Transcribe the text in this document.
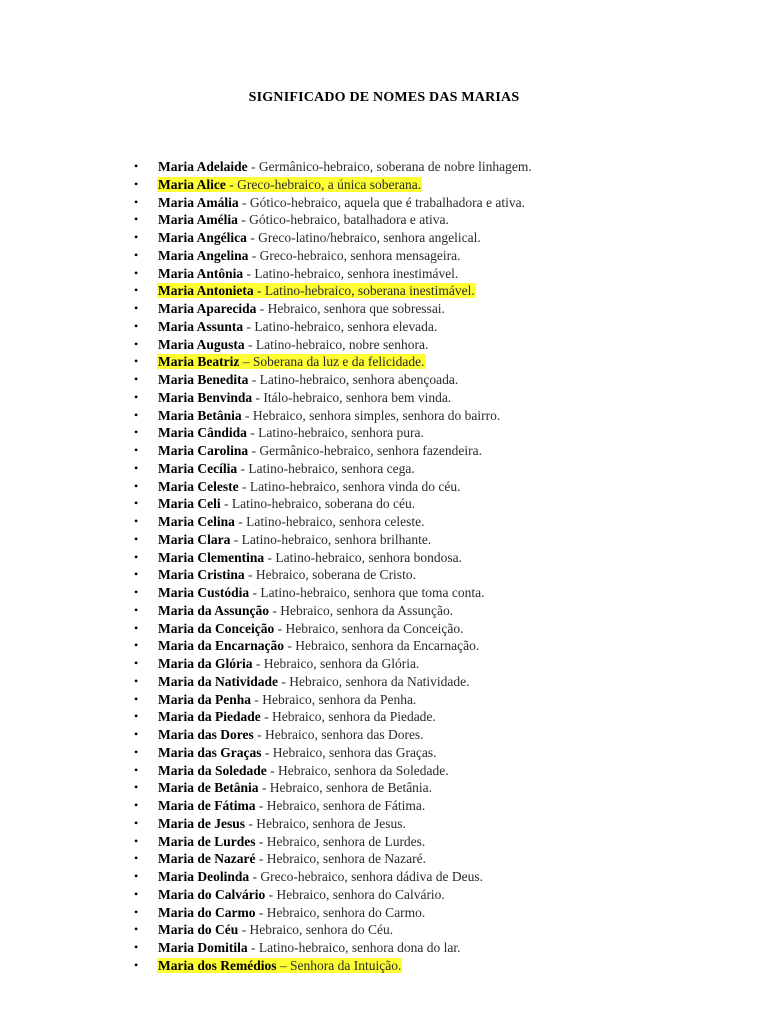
SIGNIFICADO DE NOMES DAS MARIAS
• Maria Adelaide - Germânico-hebraico, soberana de nobre linhagem.
• Maria Alice - Greco-hebraico, a única soberana.
• Maria Amália - Gótico-hebraico, aquela que é trabalhadora e ativa.
• Maria Amélia - Gótico-hebraico, batalhadora e ativa.
• Maria Angélica - Greco-latino/hebraico, senhora angelical.
• Maria Angelina - Greco-hebraico, senhora mensageira.
• Maria Antônia - Latino-hebraico, senhora inestimável.
• Maria Antonieta - Latino-hebraico, soberana inestimável.
• Maria Aparecida - Hebraico, senhora que sobressai.
• Maria Assunta - Latino-hebraico, senhora elevada.
• Maria Augusta - Latino-hebraico, nobre senhora.
• Maria Beatriz – Soberana da luz e da felicidade.
• Maria Benedita - Latino-hebraico, senhora abençoada.
• Maria Benvinda - Itálo-hebraico, senhora bem vinda.
• Maria Betânia - Hebraico, senhora simples, senhora do bairro.
• Maria Cândida - Latino-hebraico, senhora pura.
• Maria Carolina - Germânico-hebraico, senhora fazendeira.
• Maria Cecília - Latino-hebraico, senhora cega.
• Maria Celeste - Latino-hebraico, senhora vinda do céu.
• Maria Celi - Latino-hebraico, soberana do céu.
• Maria Celina - Latino-hebraico, senhora celeste.
• Maria Clara - Latino-hebraico, senhora brilhante.
• Maria Clementina - Latino-hebraico, senhora bondosa.
• Maria Cristina - Hebraico, soberana de Cristo.
• Maria Custódia - Latino-hebraico, senhora que toma conta.
• Maria da Assunção - Hebraico, senhora da Assunção.
• Maria da Conceição - Hebraico, senhora da Conceição.
• Maria da Encarnação - Hebraico, senhora da Encarnação.
• Maria da Glória - Hebraico, senhora da Glória.
• Maria da Natividade - Hebraico, senhora da Natividade.
• Maria da Penha - Hebraico, senhora da Penha.
• Maria da Piedade - Hebraico, senhora da Piedade.
• Maria das Dores - Hebraico, senhora das Dores.
• Maria das Graças - Hebraico, senhora das Graças.
• Maria da Soledade - Hebraico, senhora da Soledade.
• Maria de Betânia - Hebraico, senhora de Betânia.
• Maria de Fátima - Hebraico, senhora de Fátima.
• Maria de Jesus - Hebraico, senhora de Jesus.
• Maria de Lurdes - Hebraico, senhora de Lurdes.
• Maria de Nazaré - Hebraico, senhora de Nazaré.
• Maria Deolinda - Greco-hebraico, senhora dádiva de Deus.
• Maria do Calvário - Hebraico, senhora do Calvário.
• Maria do Carmo - Hebraico, senhora do Carmo.
• Maria do Céu - Hebraico, senhora do Céu.
• Maria Domitila - Latino-hebraico, senhora dona do lar.
• Maria dos Remédios – Senhora da Intuição.
